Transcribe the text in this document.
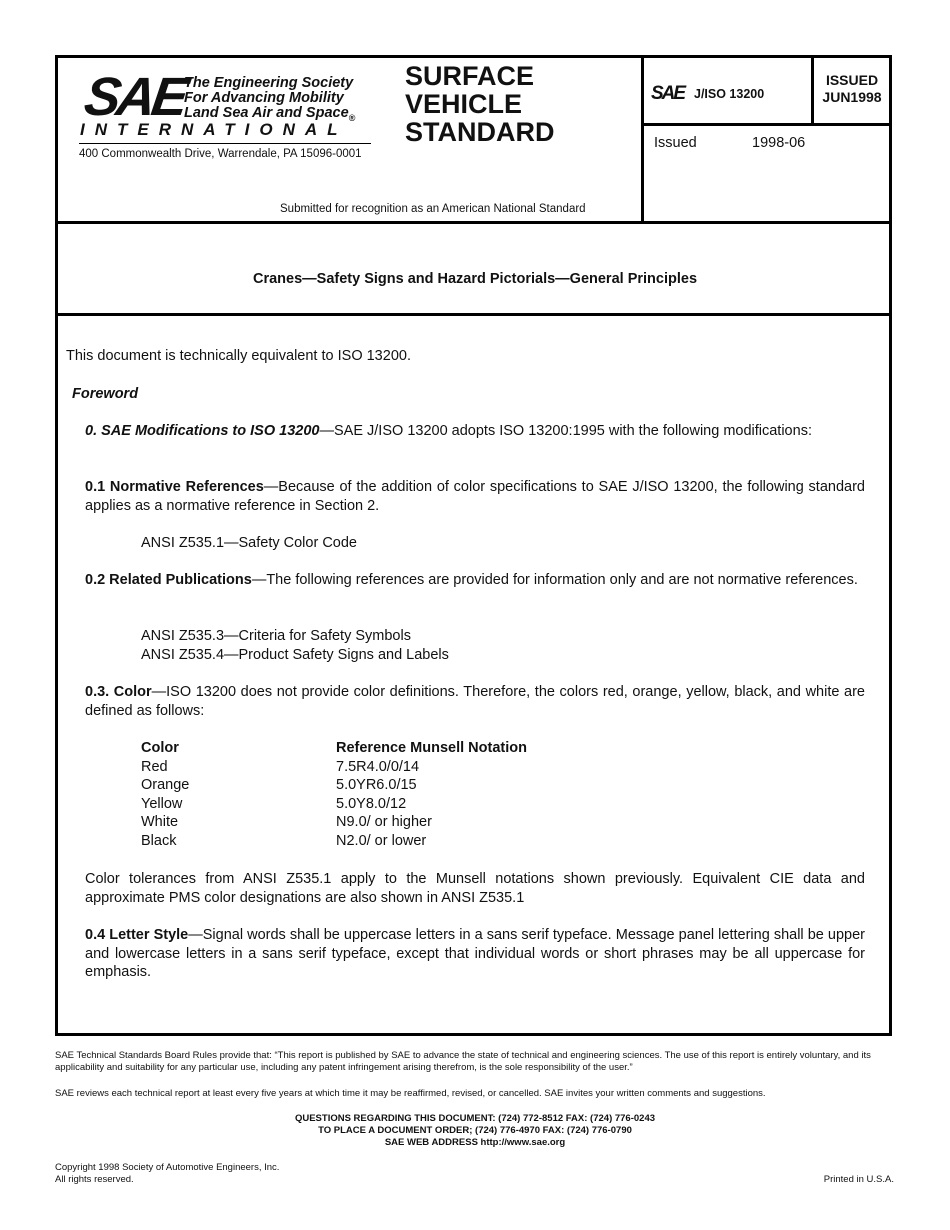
SAE
The Engineering Society
For Advancing Mobility
Land Sea Air and Space$_®$
INTERNATIONAL
400 Commonwealth Drive, Warrendale, PA 15096-0001
SURFACE
VEHICLE
STANDARD
Submitted for recognition as an American National Standard
SAE J/ISO 13200
ISSUED
JUN1998
Issued	1998-06
Cranes—Safety Signs and Hazard Pictorials—General Principles
This document is technically equivalent to ISO 13200.
Foreword
0. SAE Modifications to ISO 13200—SAE J/ISO 13200 adopts ISO 13200:1995 with the following modifications:
0.1 Normative References—Because of the addition of color specifications to SAE J/ISO 13200, the following standard applies as a normative reference in Section 2.
ANSI Z535.1—Safety Color Code
0.2 Related Publications—The following references are provided for information only and are not normative references.
ANSI Z535.3—Criteria for Safety Symbols
ANSI Z535.4—Product Safety Signs and Labels
0.3. Color—ISO 13200 does not provide color definitions. Therefore, the colors red, orange, yellow, black, and white are defined as follows:
Color
Red
Orange
Yellow
White
Black
Reference Munsell Notation
7.5R4.0/0/14
5.0YR6.0/15
5.0Y8.0/12
N9.0/ or higher
N2.0/ or lower
Color tolerances from ANSI Z535.1 apply to the Munsell notations shown previously. Equivalent CIE data and approximate PMS color designations are also shown in ANSI Z535.1
0.4 Letter Style—Signal words shall be uppercase letters in a sans serif typeface. Message panel lettering shall be upper and lowercase letters in a sans serif typeface, except that individual words or short phrases may be all uppercase for emphasis.
SAE Technical Standards Board Rules provide that: “This report is published by SAE to advance the state of technical and engineering sciences. The use of this report is entirely voluntary, and its applicability and suitability for any particular use, including any patent infringement arising therefrom, is the sole responsibility of the user.”
SAE reviews each technical report at least every five years at which time it may be reaffirmed, revised, or cancelled. SAE invites your written comments and suggestions.
QUESTIONS REGARDING THIS DOCUMENT: (724) 772-8512 FAX: (724) 776-0243
TO PLACE A DOCUMENT ORDER; (724) 776-4970 FAX: (724) 776-0790
SAE WEB ADDRESS http://www.sae.org
Copyright 1998 Society of Automotive Engineers, Inc.
All rights reserved.	Printed in U.S.A.
